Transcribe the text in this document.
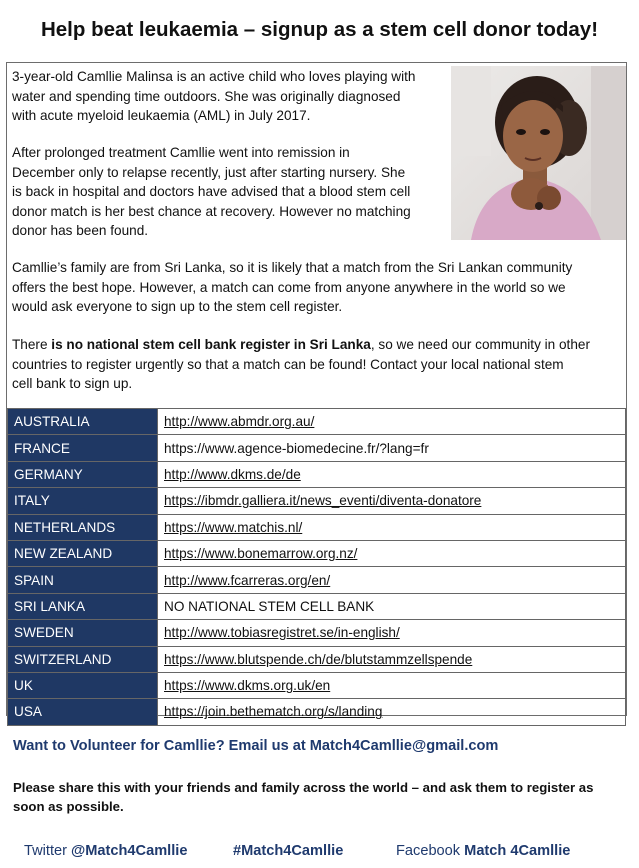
Help beat leukaemia – signup as a stem cell donor today!

3-year-old Camllie Malinsa is an active child who loves playing with
water and spending time outdoors. She was originally diagnosed
with acute myeloid leukaemia (AML) in July 2017.

After prolonged treatment Camllie went into remission in
December only to relapse recently, just after starting nursery. She
is back in hospital and doctors have advised that a blood stem cell
donor match is her best chance at recovery. However no matching
donor has been found.

Camllie’s family are from Sri Lanka, so it is likely that a match from the Sri Lankan community
offers the best hope. However, a match can come from anyone anywhere in the world so we
would ask everyone to sign up to the stem cell register.

There is no national stem cell bank register in Sri Lanka, so we need our community in other
countries to register urgently so that a match can be found! Contact your local national stem
cell bank to sign up.

AUSTRALIA	http://www.abmdr.org.au/
FRANCE	https://www.agence-biomedecine.fr/?lang=fr
GERMANY	http://www.dkms.de/de
ITALY	https://ibmdr.galliera.it/news_eventi/diventa-donatore
NETHERLANDS	https://www.matchis.nl/
NEW ZEALAND	https://www.bonemarrow.org.nz/
SPAIN	http://www.fcarreras.org/en/
SRI LANKA	NO NATIONAL STEM CELL BANK
SWEDEN	http://www.tobiasregistret.se/in-english/
SWITZERLAND	https://www.blutspende.ch/de/blutstammzellspende
UK	https://www.dkms.org.uk/en
USA	https://join.bethematch.org/s/landing
Want to Volunteer for Camllie? Email us at Match4Camllie@gmail.com

Please share this with your friends and family across the world – and ask them to register as
soon as possible.

Twitter @Match4Camllie	#Match4Camllie	Facebook Match 4Camllie
